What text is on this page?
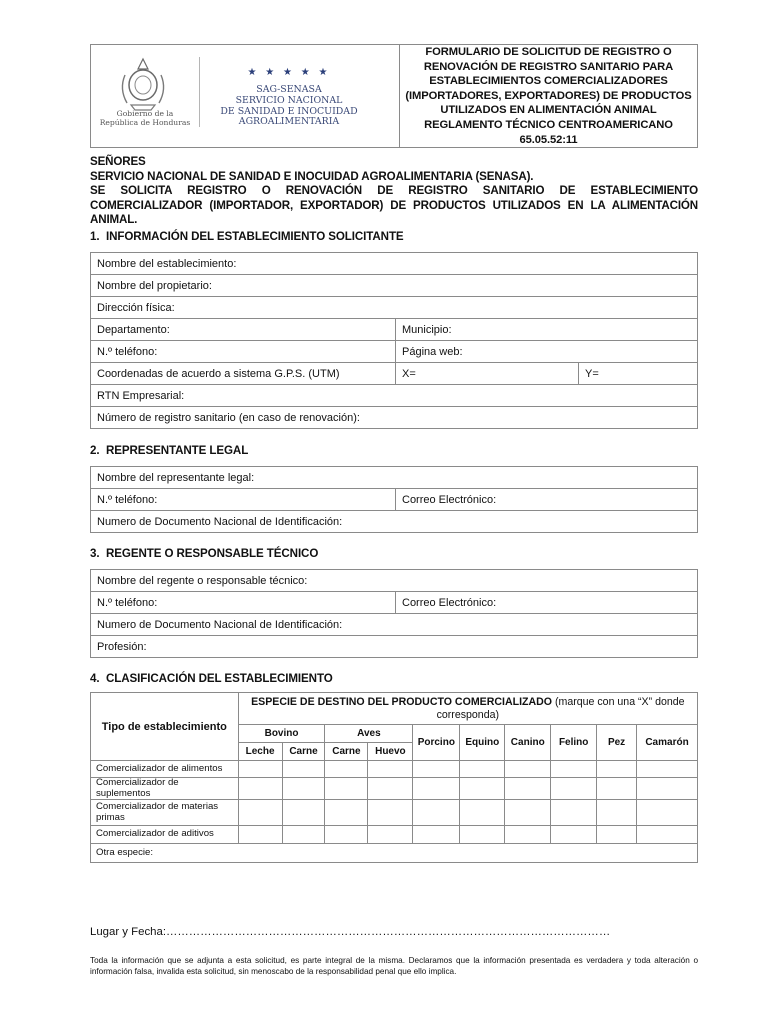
Gobierno de la
República de Honduras
★ ★ ★ ★ ★
SAG-SENASA
SERVICIO NACIONAL
DE SANIDAD E INOCUIDAD
AGROALIMENTARIA

FORMULARIO DE SOLICITUD DE REGISTRO O
RENOVACIÓN DE REGISTRO SANITARIO PARA
ESTABLECIMIENTOS COMERCIALIZADORES
(IMPORTADORES, EXPORTADORES) DE PRODUCTOS
UTILIZADOS EN ALIMENTACIÓN ANIMAL
REGLAMENTO TÉCNICO CENTROAMERICANO 65.05.52:11

SEÑORES

SERVICIO NACIONAL DE SANIDAD E INOCUIDAD AGROALIMENTARIA (SENASA).

SE SOLICITA REGISTRO O RENOVACIÓN DE REGISTRO SANITARIO DE ESTABLECIMIENTO COMERCIALIZADOR (IMPORTADOR, EXPORTADOR) DE PRODUCTOS UTILIZADOS EN LA ALIMENTACIÓN ANIMAL.

1. INFORMACIÓN DEL ESTABLECIMIENTO SOLICITANTE
Nombre del establecimiento:		
Nombre del propietario:		
Dirección física:		
Departamento:	Municipio:	
N.º teléfono:	Página web:	
Coordenadas de acuerdo a sistema G.P.S. (UTM)	X=	Y=
RTN Empresarial:		
Número de registro sanitario (en caso de renovación):		
2. REPRESENTANTE LEGAL
Nombre del representante legal:
N.º teléfono:	Correo Electrónico:
Numero de Documento Nacional de Identificación:
3. REGENTE O RESPONSABLE TÉCNICO
Nombre del regente o responsable técnico:
N.º teléfono:	Correo Electrónico:
Numero de Documento Nacional de Identificación:
Profesión:
4. CLASIFICACIÓN DEL ESTABLECIMIENTO
Tipo de establecimiento	ESPECIE DE DESTINO DEL PRODUCTO COMERCIALIZADO (marque con una “X” donde corresponda)									
	Bovino		Aves		Porcino	Equino	Canino	Felino	Pez	Camarón
	Leche	Carne	Carne	Huevo						
Comercializador de alimentos										
Comercializador de suplementos										
Comercializador de materias primas										
Comercializador de aditivos										
Otra especie:										
Lugar y Fecha:………………………………………………………………………………………………………
Toda la información que se adjunta a esta solicitud, es parte integral de la misma. Declaramos que la información presentada es verdadera y toda alteración o información falsa, invalida esta solicitud, sin menoscabo de la responsabilidad penal que ello implica.
